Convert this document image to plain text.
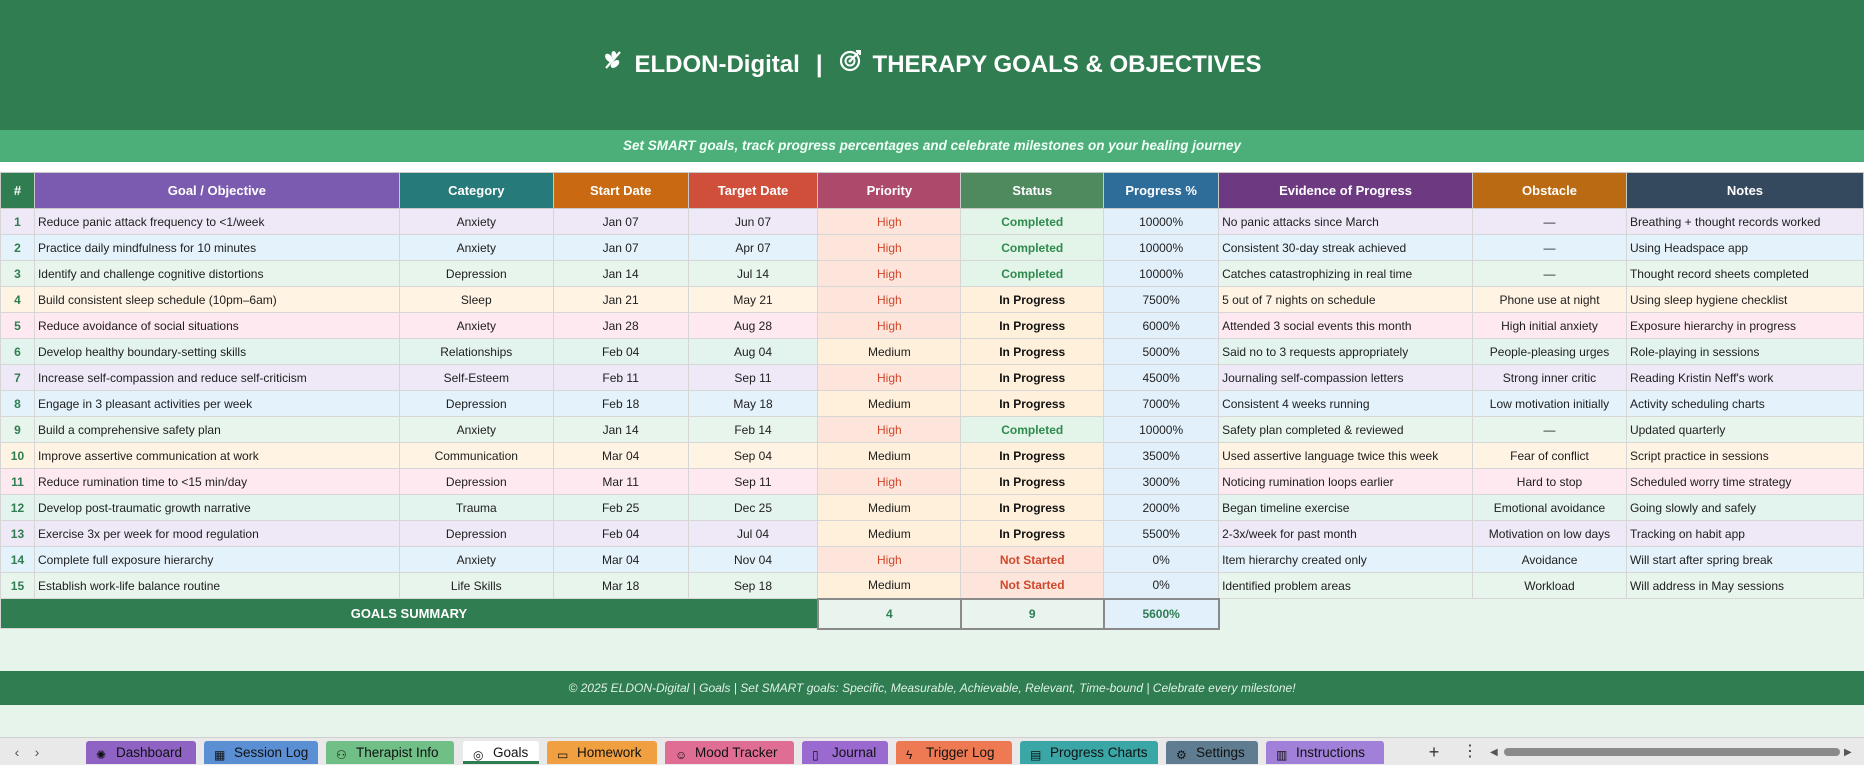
ELDON-Digital | THERAPY GOALS & OBJECTIVES
Set SMART goals, track progress percentages and celebrate milestones on your healing journey
#	Goal / Objective	Category	Start Date	Target Date	Priority	Status	Progress %	Evidence of Progress	Obstacle	Notes
1	Reduce panic attack frequency to <1/week	Anxiety	Jan 07	Jun 07	High	Completed	10000%	No panic attacks since March	—	Breathing + thought records worked
2	Practice daily mindfulness for 10 minutes	Anxiety	Jan 07	Apr 07	High	Completed	10000%	Consistent 30-day streak achieved	—	Using Headspace app
3	Identify and challenge cognitive distortions	Depression	Jan 14	Jul 14	High	Completed	10000%	Catches catastrophizing in real time	—	Thought record sheets completed
4	Build consistent sleep schedule (10pm–6am)	Sleep	Jan 21	May 21	High	In Progress	7500%	5 out of 7 nights on schedule	Phone use at night	Using sleep hygiene checklist
5	Reduce avoidance of social situations	Anxiety	Jan 28	Aug 28	High	In Progress	6000%	Attended 3 social events this month	High initial anxiety	Exposure hierarchy in progress
6	Develop healthy boundary-setting skills	Relationships	Feb 04	Aug 04	Medium	In Progress	5000%	Said no to 3 requests appropriately	People-pleasing urges	Role-playing in sessions
7	Increase self-compassion and reduce self-criticism	Self-Esteem	Feb 11	Sep 11	High	In Progress	4500%	Journaling self-compassion letters	Strong inner critic	Reading Kristin Neff's work
8	Engage in 3 pleasant activities per week	Depression	Feb 18	May 18	Medium	In Progress	7000%	Consistent 4 weeks running	Low motivation initially	Activity scheduling charts
9	Build a comprehensive safety plan	Anxiety	Jan 14	Feb 14	High	Completed	10000%	Safety plan completed & reviewed	—	Updated quarterly
10	Improve assertive communication at work	Communication	Mar 04	Sep 04	Medium	In Progress	3500%	Used assertive language twice this week	Fear of conflict	Script practice in sessions
11	Reduce rumination time to <15 min/day	Depression	Mar 11	Sep 11	High	In Progress	3000%	Noticing rumination loops earlier	Hard to stop	Scheduled worry time strategy
12	Develop post-traumatic growth narrative	Trauma	Feb 25	Dec 25	Medium	In Progress	2000%	Began timeline exercise	Emotional avoidance	Going slowly and safely
13	Exercise 3x per week for mood regulation	Depression	Feb 04	Jul 04	Medium	In Progress	5500%	2-3x/week for past month	Motivation on low days	Tracking on habit app
14	Complete full exposure hierarchy	Anxiety	Mar 04	Nov 04	High	Not Started	0%	Item hierarchy created only	Avoidance	Will start after spring break
15	Establish work-life balance routine	Life Skills	Mar 18	Sep 18	Medium	Not Started	0%	Identified problem areas	Workload	Will address in May sessions
GOALS SUMMARY					4	9	5600%			
© 2025 ELDON-Digital | Goals | Set SMART goals: Specific, Measurable, Achievable, Relevant, Time-bound | Celebrate every milestone!
‹	›	✺ Dashboard	▦ Session Log	⚇ Therapist Info	◎ Goals	▭ Homework	☺ Mood Tracker	▯ Journal	ϟ Trigger Log	▤ Progress Charts	⚙ Settings	▥ Instructions	+ ⋮ ◀	▶
